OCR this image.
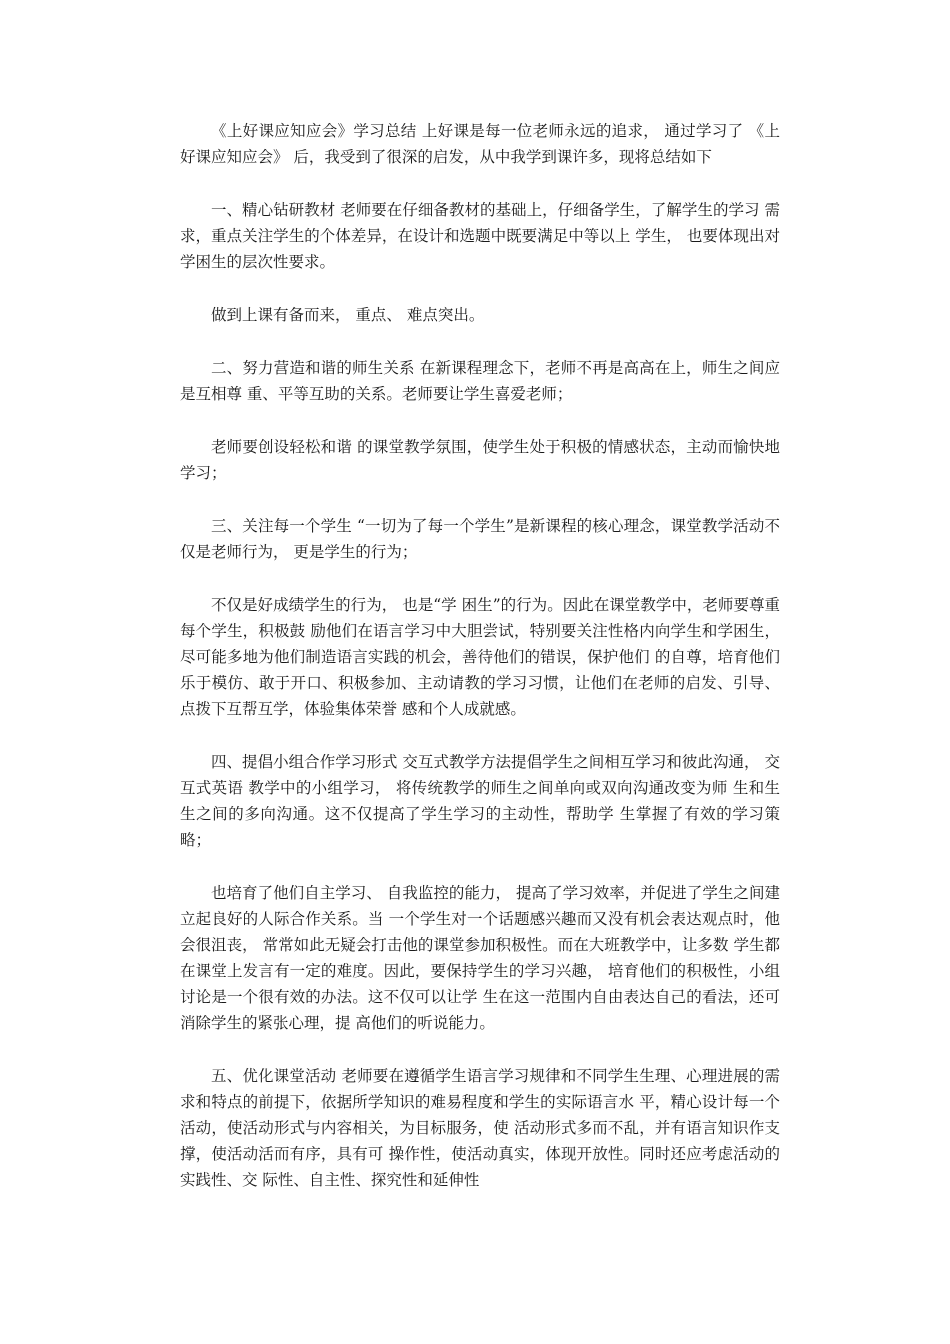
《上好课应知应会》学习总结 上好课是每一位老师永远的追求， 通过学习了 《上好课应知应会》 后，我受到了很深的启发，从中我学到课许多，现将总结如下

一、精心钻研教材 老师要在仔细备教材的基础上，仔细备学生，了解学生的学习 需求，重点关注学生的个体差异，在设计和选题中既要满足中等以上 学生， 也要体现出对学困生的层次性要求。

做到上课有备而来， 重点、 难点突出。

二、努力营造和谐的师生关系 在新课程理念下，老师不再是高高在上，师生之间应是互相尊 重、平等互助的关系。老师要让学生喜爱老师；

老师要创设轻松和谐 的课堂教学氛围，使学生处于积极的情感状态，主动而愉快地学习；

三、关注每一个学生 “一切为了每一个学生”是新课程的核心理念，课堂教学活动不 仅是老师行为， 更是学生的行为；

不仅是好成绩学生的行为， 也是“学 困生”的行为。因此在课堂教学中，老师要尊重每个学生，积极鼓 励他们在语言学习中大胆尝试，特别要关注性格内向学生和学困生， 尽可能多地为他们制造语言实践的机会，善待他们的错误，保护他们 的自尊，培育他们乐于模仿、敢于开口、积极参加、主动请教的学习习惯，让他们在老师的启发、引导、点拨下互帮互学，体验集体荣誉 感和个人成就感。

四、提倡小组合作学习形式 交互式教学方法提倡学生之间相互学习和彼此沟通， 交互式英语 教学中的小组学习， 将传统教学的师生之间单向或双向沟通改变为师 生和生生之间的多向沟通。这不仅提高了学生学习的主动性，帮助学 生掌握了有效的学习策略；

也培育了他们自主学习、 自我监控的能力， 提高了学习效率，并促进了学生之间建立起良好的人际合作关系。当 一个学生对一个话题感兴趣而又没有机会表达观点时，他会很沮丧， 常常如此无疑会打击他的课堂参加积极性。而在大班教学中，让多数 学生都在课堂上发言有一定的难度。因此，要保持学生的学习兴趣， 培育他们的积极性，小组讨论是一个很有效的办法。这不仅可以让学 生在这一范围内自由表达自己的看法，还可消除学生的紧张心理，提 高他们的听说能力。

五、优化课堂活动 老师要在遵循学生语言学习规律和不同学生生理、心理进展的需 求和特点的前提下，依据所学知识的难易程度和学生的实际语言水 平，精心设计每一个活动，使活动形式与内容相关，为目标服务，使 活动形式多而不乱，并有语言知识作支撑，使活动活而有序，具有可 操作性，使活动真实，体现开放性。同时还应考虑活动的实践性、交 际性、自主性、探究性和延伸性
